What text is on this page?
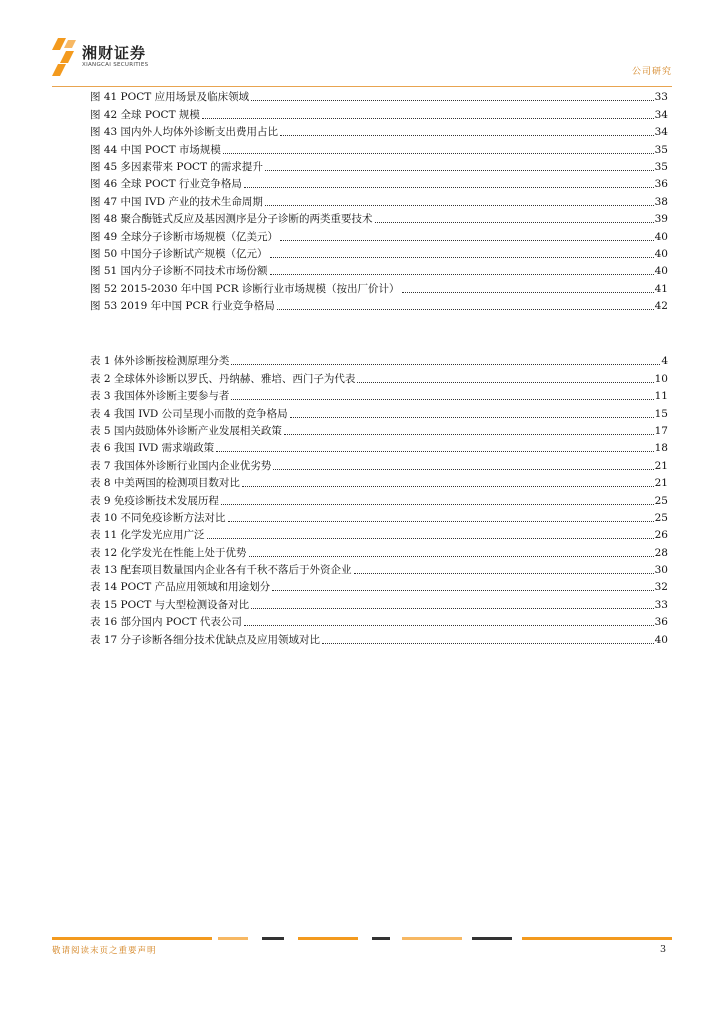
湘财证券
XIANGCAI SECURITIES
公司研究
图 41 POCT 应用场景及临床领域	33
图 42 全球 POCT 规模	34
图 43 国内外人均体外诊断支出费用占比	34
图 44 中国 POCT 市场规模	35
图 45 多因素带来 POCT 的需求提升	35
图 46 全球 POCT 行业竞争格局	36
图 47 中国 IVD 产业的技术生命周期	38
图 48 聚合酶链式反应及基因测序是分子诊断的两类重要技术	39
图 49 全球分子诊断市场规模（亿美元）	40
图 50 中国分子诊断试产规模（亿元）	40
图 51 国内分子诊断不同技术市场份额	40
图 52 2015-2030 年中国 PCR 诊断行业市场规模（按出厂价计）	41
图 53 2019 年中国 PCR 行业竞争格局	42
表 1 体外诊断按检测原理分类	4
表 2 全球体外诊断以罗氏、丹纳赫、雅培、西门子为代表	10
表 3 我国体外诊断主要参与者	11
表 4 我国 IVD 公司呈现小而散的竞争格局	15
表 5 国内鼓励体外诊断产业发展相关政策	17
表 6 我国 IVD 需求端政策	18
表 7 我国体外诊断行业国内企业优劣势	21
表 8 中美两国的检测项目数对比	21
表 9 免疫诊断技术发展历程	25
表 10 不同免疫诊断方法对比	25
表 11 化学发光应用广泛	26
表 12 化学发光在性能上处于优势	28
表 13 配套项目数量国内企业各有千秋不落后于外资企业	30
表 14 POCT 产品应用领域和用途划分	32
表 15 POCT 与大型检测设备对比	33
表 16 部分国内 POCT 代表公司	36
表 17 分子诊断各细分技术优缺点及应用领域对比	40
敬请阅读末页之重要声明	3
